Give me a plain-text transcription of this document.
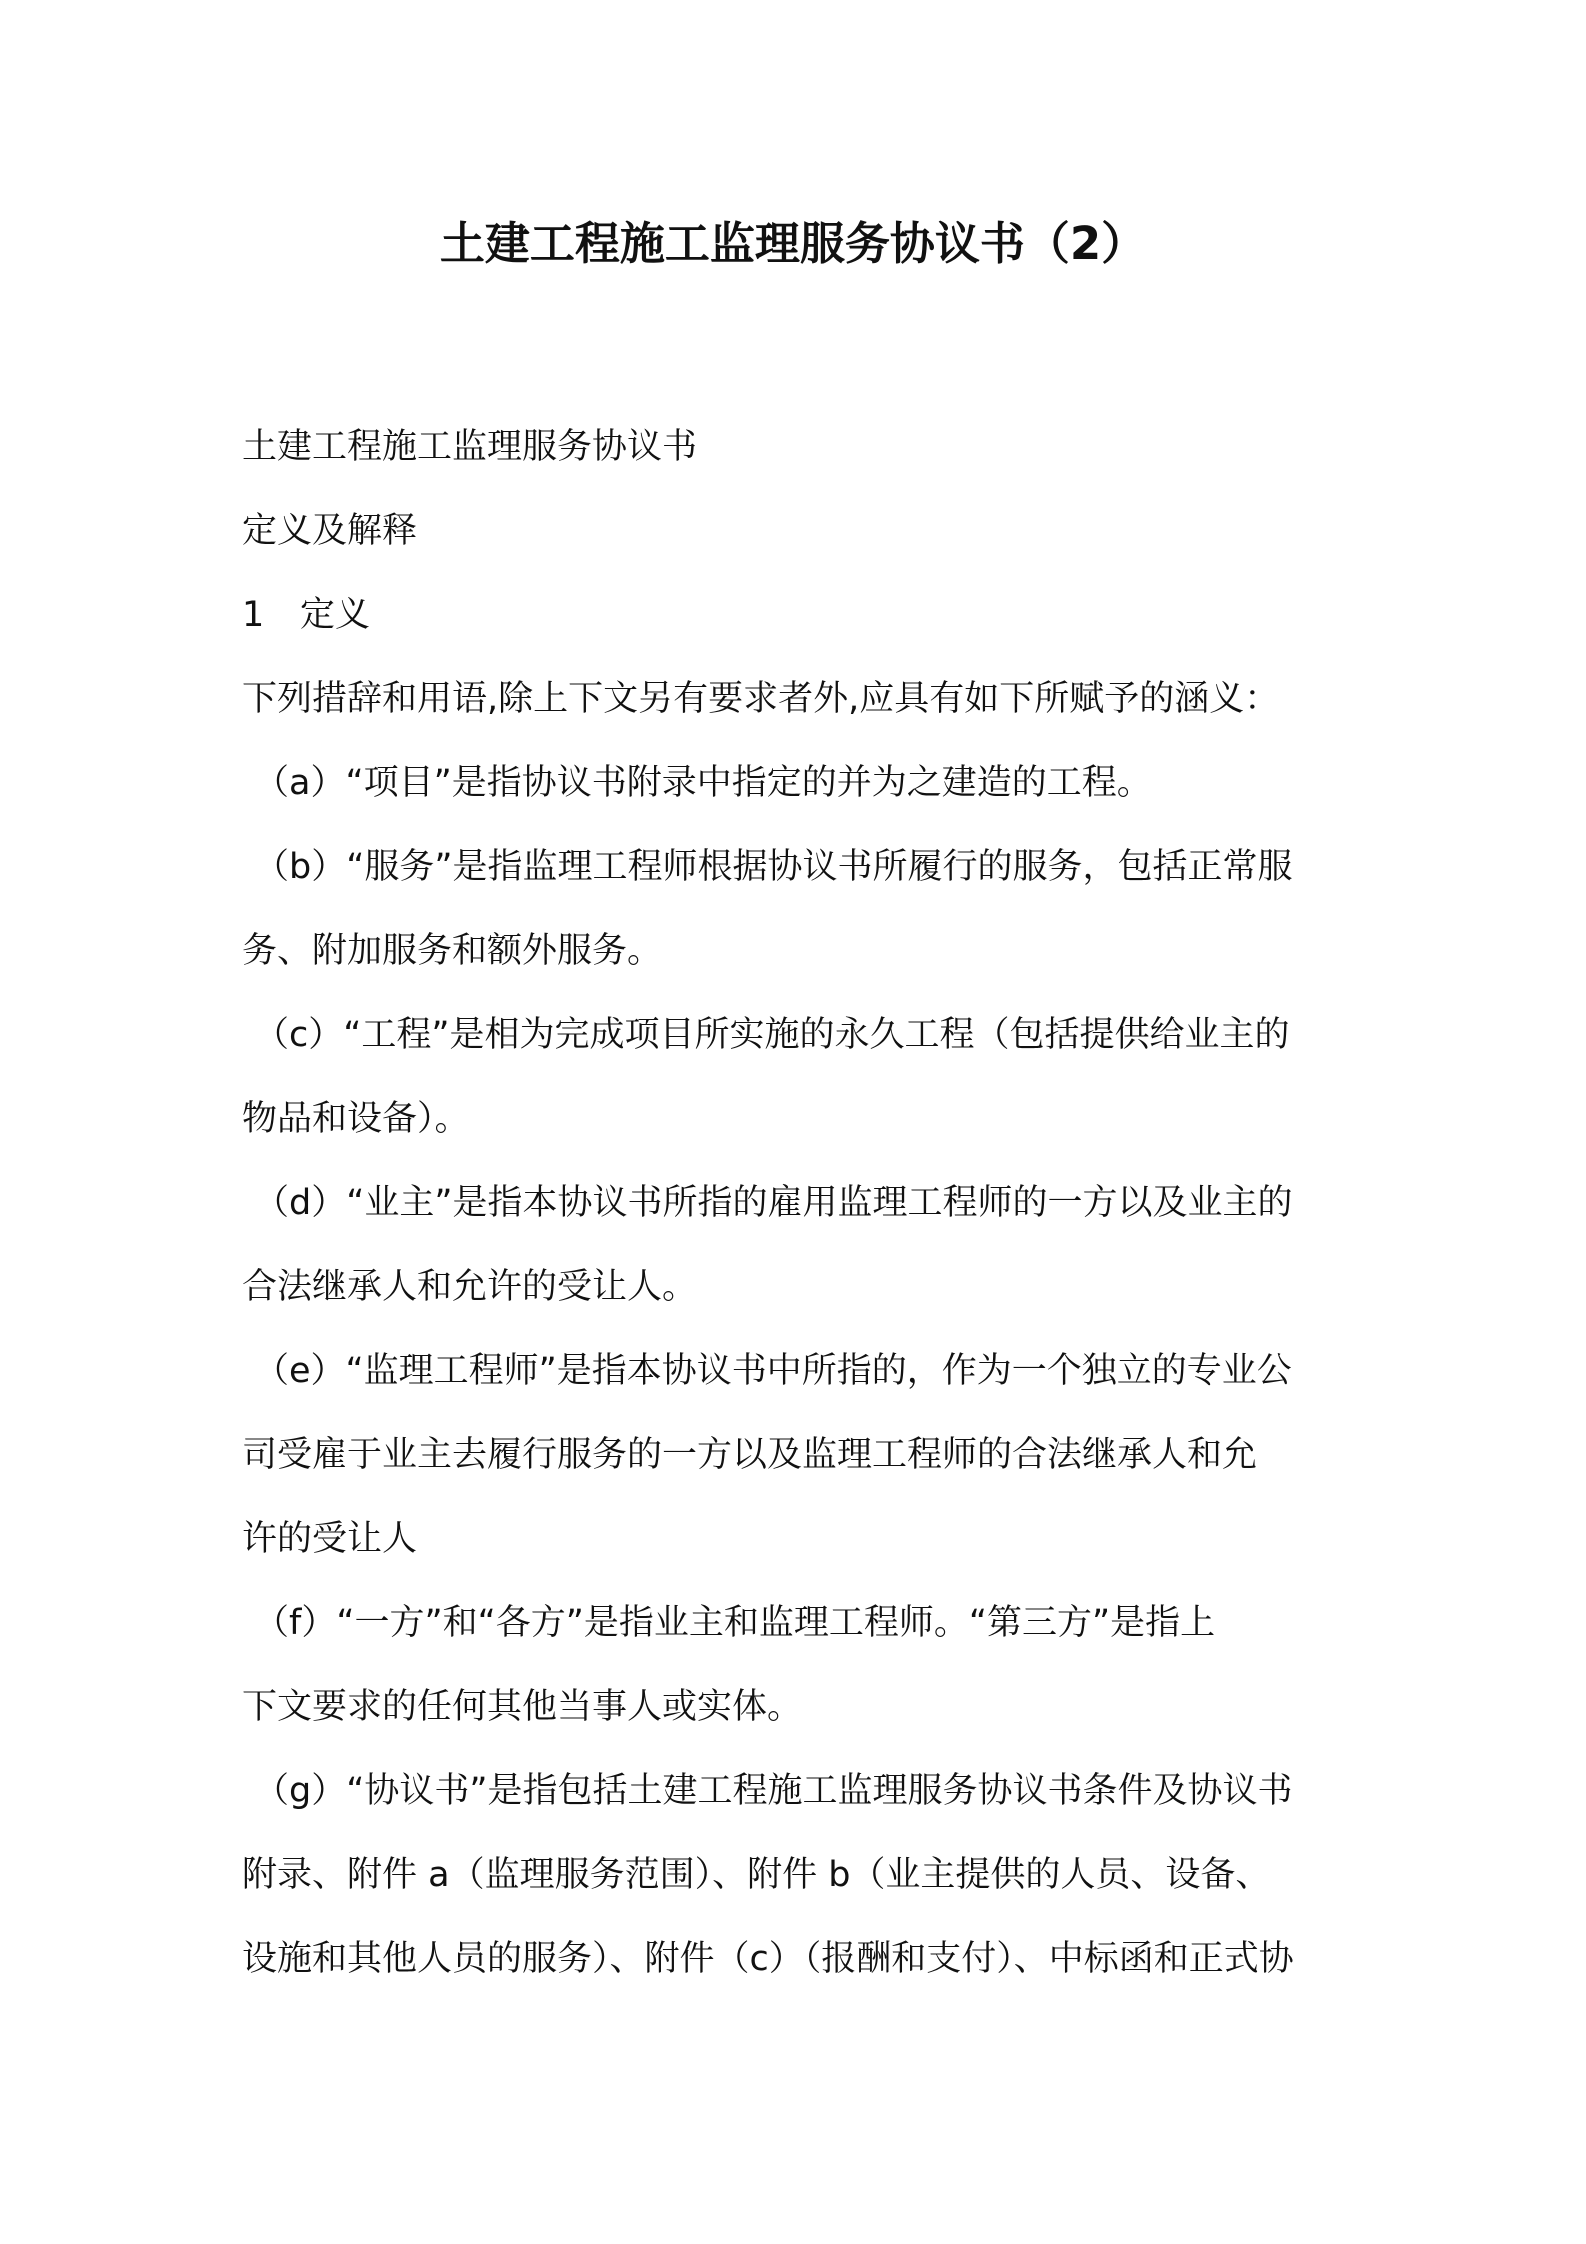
土建工程施工监理服务协议书（2）
土建工程施工监理服务协议书
定义及解释
1 定义
下列措辞和用语,除上下文另有要求者外,应具有如下所赋予的涵义：
（a）“项目”是指协议书附录中指定的并为之建造的工程。
（b）“服务”是指监理工程师根据协议书所履行的服务，包括正常服
务、附加服务和额外服务。
（c）“工程”是相为完成项目所实施的永久工程（包括提供给业主的
物品和设备）。
（d）“业主”是指本协议书所指的雇用监理工程师的一方以及业主的
合法继承人和允许的受让人。
（e）“监理工程师”是指本协议书中所指的，作为一个独立的专业公
司受雇于业主去履行服务的一方以及监理工程师的合法继承人和允
许的受让人
（f）“一方”和“各方”是指业主和监理工程师。“第三方”是指上
下文要求的任何其他当事人或实体。
（g）“协议书”是指包括土建工程施工监理服务协议书条件及协议书
附录、附件 a（监理服务范围）、附件 b（业主提供的人员、设备、
设施和其他人员的服务）、附件（c）（报酬和支付）、中标函和正式协
